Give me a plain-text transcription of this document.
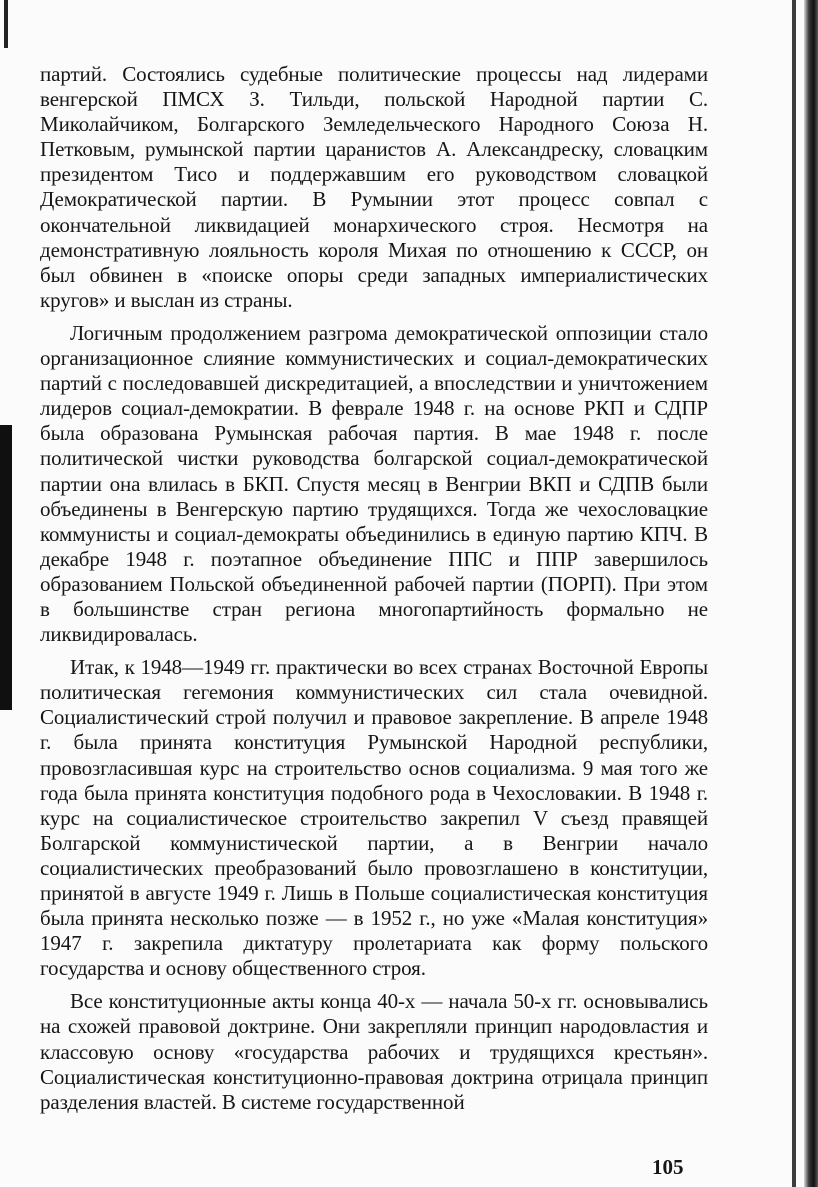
партий. Состоялись судебные политические процессы над лидерами венгерской ПМСХ З. Тильди, польской Народной партии С. Миколайчиком, Болгарского Земледельческого Народного Союза Н. Петковым, румынской партии царанистов А. Александреску, словацким президентом Тисо и поддержавшим его руководством словацкой Демократической партии. В Румынии этот процесс совпал с окончательной ликвидацией монархического строя. Несмотря на демонстративную лояльность короля Михая по отношению к СССР, он был обвинен в «поиске опоры среди западных империалистических кругов» и выслан из страны.

Логичным продолжением разгрома демократической оппозиции стало организационное слияние коммунистических и социал-демократических партий с последовавшей дискредитацией, а впоследствии и уничтожением лидеров социал-демократии. В феврале 1948 г. на основе РКП и СДПР была образована Румынская рабочая партия. В мае 1948 г. после политической чистки руководства болгарской социал-демократической партии она влилась в БКП. Спустя месяц в Венгрии ВКП и СДПВ были объединены в Венгерскую партию трудящихся. Тогда же чехословацкие коммунисты и социал-демократы объединились в единую партию КПЧ. В декабре 1948 г. поэтапное объединение ППС и ППР завершилось образованием Польской объединенной рабочей партии (ПОРП). При этом в большинстве стран региона многопартийность формально не ликвидировалась.

Итак, к 1948—1949 гг. практически во всех странах Восточной Европы политическая гегемония коммунистических сил стала очевидной. Социалистический строй получил и правовое закрепление. В апреле 1948 г. была принята конституция Румынской Народной республики, провозгласившая курс на строительство основ социализма. 9 мая того же года была принята конституция подобного рода в Чехословакии. В 1948 г. курс на социалистическое строительство закрепил V съезд правящей Болгарской коммунистической партии, а в Венгрии начало социалистических преобразований было провозглашено в конституции, принятой в августе 1949 г. Лишь в Польше социалистическая конституция была принята несколько позже — в 1952 г., но уже «Малая конституция» 1947 г. закрепила диктатуру пролетариата как форму польского государства и основу общественного строя.

Все конституционные акты конца 40-х — начала 50-х гг. основывались на схожей правовой доктрине. Они закрепляли принцип народовластия и классовую основу «государства рабочих и трудящихся крестьян». Социалистическая конституционно-правовая доктрина отрицала принцип разделения властей. В системе государственной

105
